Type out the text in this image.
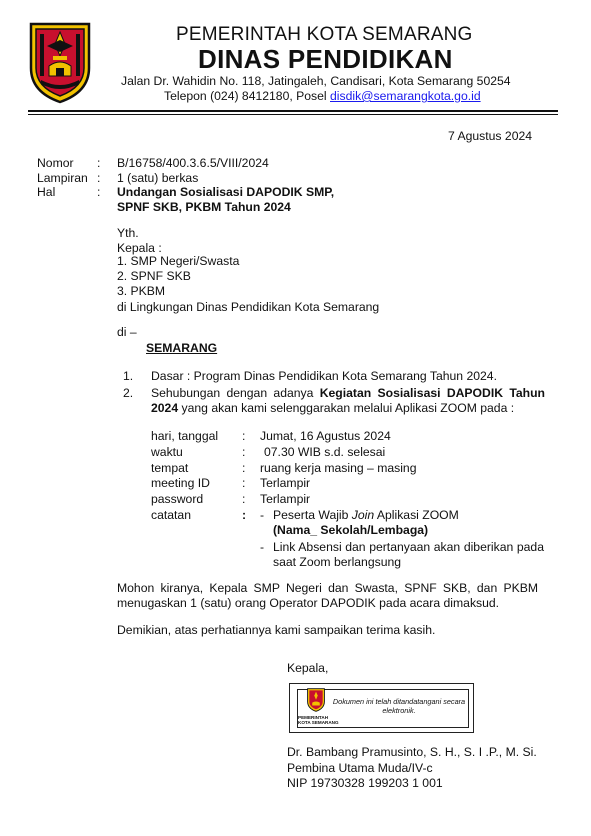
PEMERINTAH KOTA SEMARANG
DINAS PENDIDIKAN
Jalan Dr. Wahidin No. 118, Jatingaleh, Candisari, Kota Semarang 50254
Telepon (024) 8412180, Posel disdik@semarangkota.go.id
7 Agustus 2024
Nomor : B/16758/400.3.6.5/VIII/2024
Lampiran : 1 (satu) berkas
Hal	: Undangan Sosialisasi DAPODIK SMP,
SPNF SKB, PKBM Tahun 2024
Yth.
Kepala :
1. SMP Negeri/Swasta
2. SPNF SKB
3. PKBM
di Lingkungan Dinas Pendidikan Kota Semarang
di –
SEMARANG
1. Dasar : Program Dinas Pendidikan Kota Semarang Tahun 2024.
2. Sehubungan dengan adanya Kegiatan Sosialisasi DAPODIK Tahun
2024 yang akan kami selenggarakan melalui Aplikasi ZOOM pada :
hari, tanggal : Jumat, 16 Agustus 2024
waktu	: 07.30 WIB s.d. selesai
tempat	: ruang kerja masing – masing
meeting ID	: Terlampir
password	: Terlampir
catatan	: - Peserta Wajib Join Aplikasi ZOOM
(Nama_ Sekolah/Lembaga)
- Link Absensi dan pertanyaan akan diberikan pada
saat Zoom berlangsung
Mohon kiranya, Kepala SMP Negeri dan Swasta, SPNF SKB, dan PKBM
menugaskan 1 (satu) orang Operator DAPODIK pada acara dimaksud.
Demikian, atas perhatiannya kami sampaikan terima kasih.
Kepala,
PEMERINTAH
KOTA SEMARANG
Dokumen ini telah ditandatangani secara elektronik.
Dr. Bambang Pramusinto, S. H., S. I .P., M. Si.
Pembina Utama Muda/IV-c
NIP 19730328 199203 1 001
